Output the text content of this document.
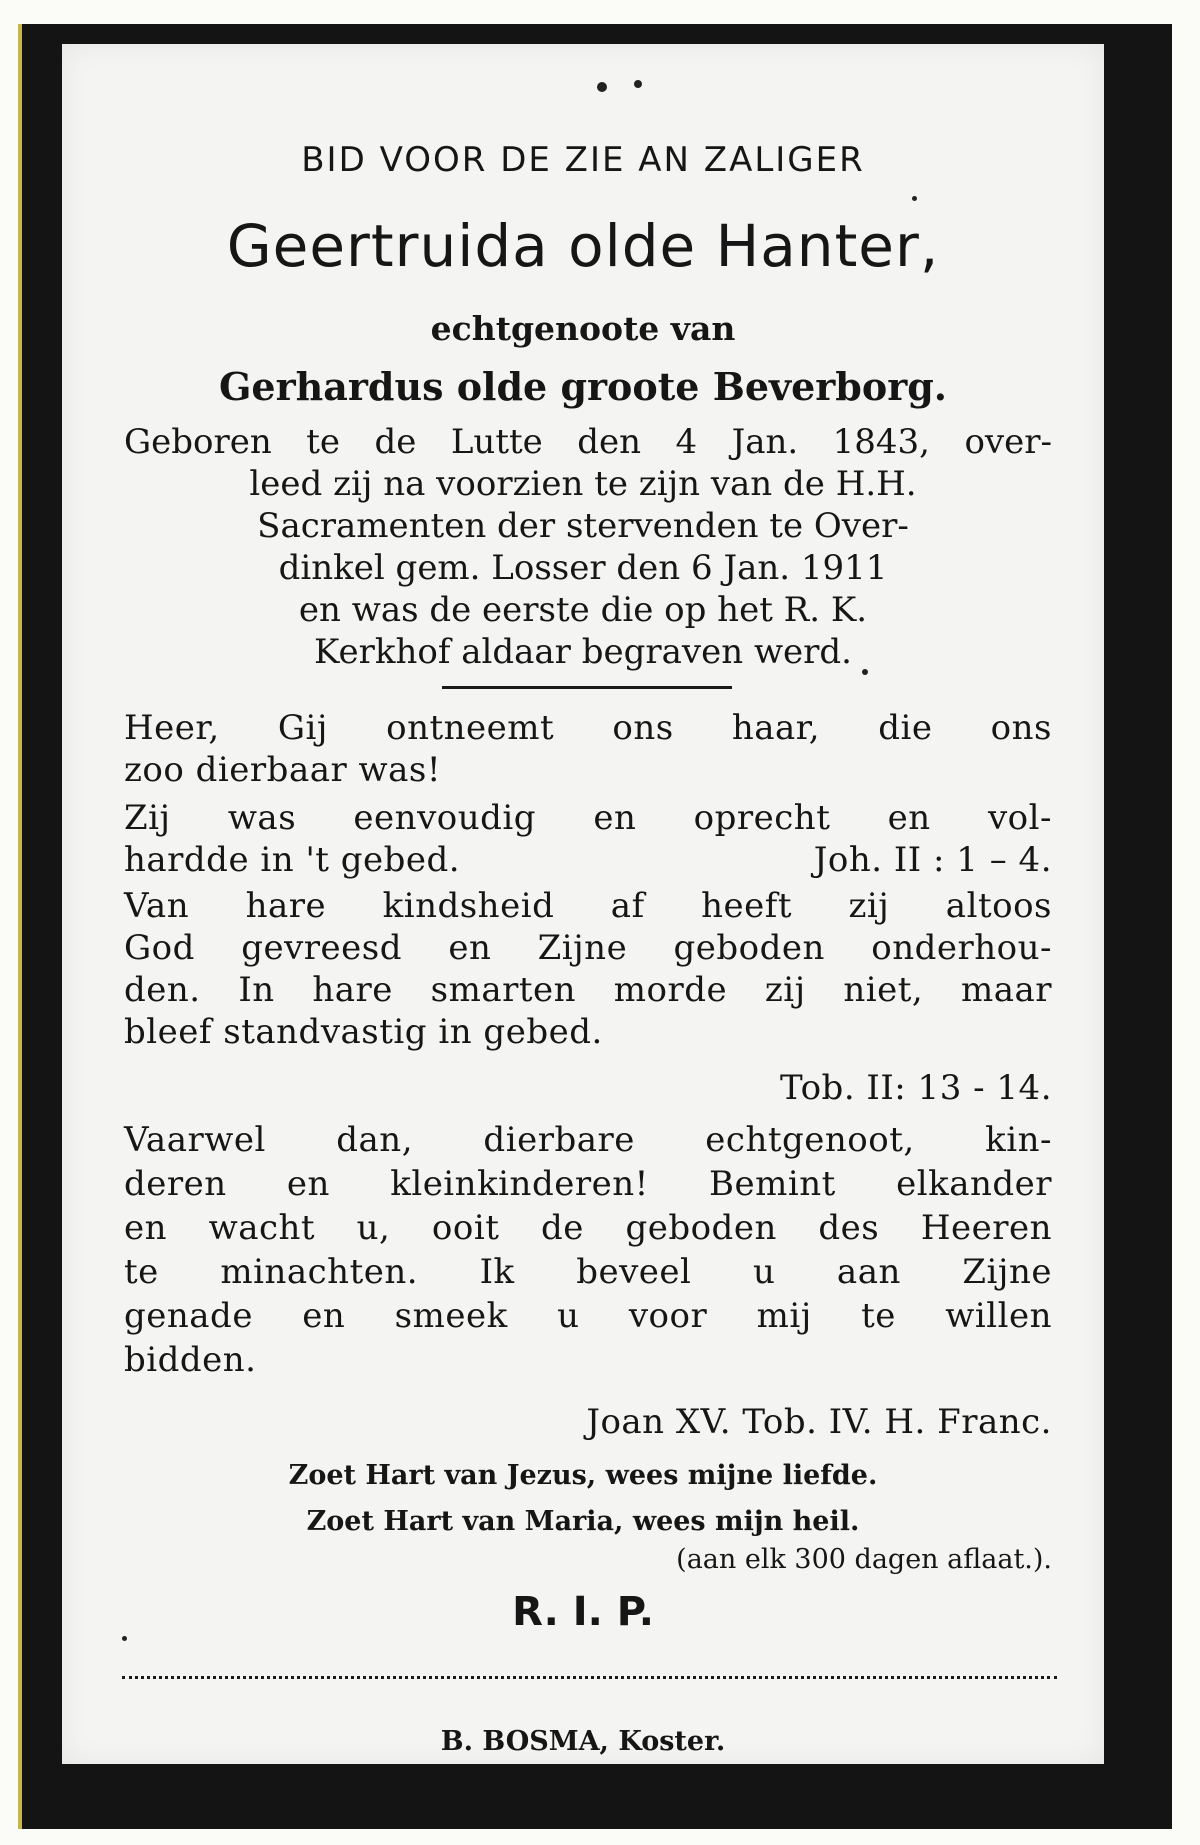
BID VOOR DE ZIE AN ZALIGER
Geertruida olde Hanter,
echtgenoote van
Gerhardus olde groote Beverborg.
Geboren te de Lutte den 4 Jan. 1843, over-
leed zij na voorzien te zijn van de H.H.
Sacramenten der stervenden te Over-
dinkel gem. Losser den 6 Jan. 1911
en was de eerste die op het R. K.
Kerkhof aldaar begraven werd.
Heer, Gij ontneemt ons haar, die ons
zoo dierbaar was!
Zij was eenvoudig en oprecht en vol-
hardde in 't gebed.	Joh. II : 1 – 4.
Van hare kindsheid af heeft zij altoos
God gevreesd en Zijne geboden onderhou-
den. In hare smarten morde zij niet, maar
bleef standvastig in gebed.
Tob. II: 13 - 14.
Vaarwel dan, dierbare echtgenoot, kin-
deren en kleinkinderen! Bemint elkander
en wacht u, ooit de geboden des Heeren
te minachten. Ik beveel u aan Zijne
genade en smeek u voor mij te willen
bidden.
Joan XV. Tob. IV. H. Franc.
Zoet Hart van Jezus, wees mijne liefde.
Zoet Hart van Maria, wees mijn heil.
(aan elk 300 dagen aflaat.).
R. I. P.
B. BOSMA, Koster.
